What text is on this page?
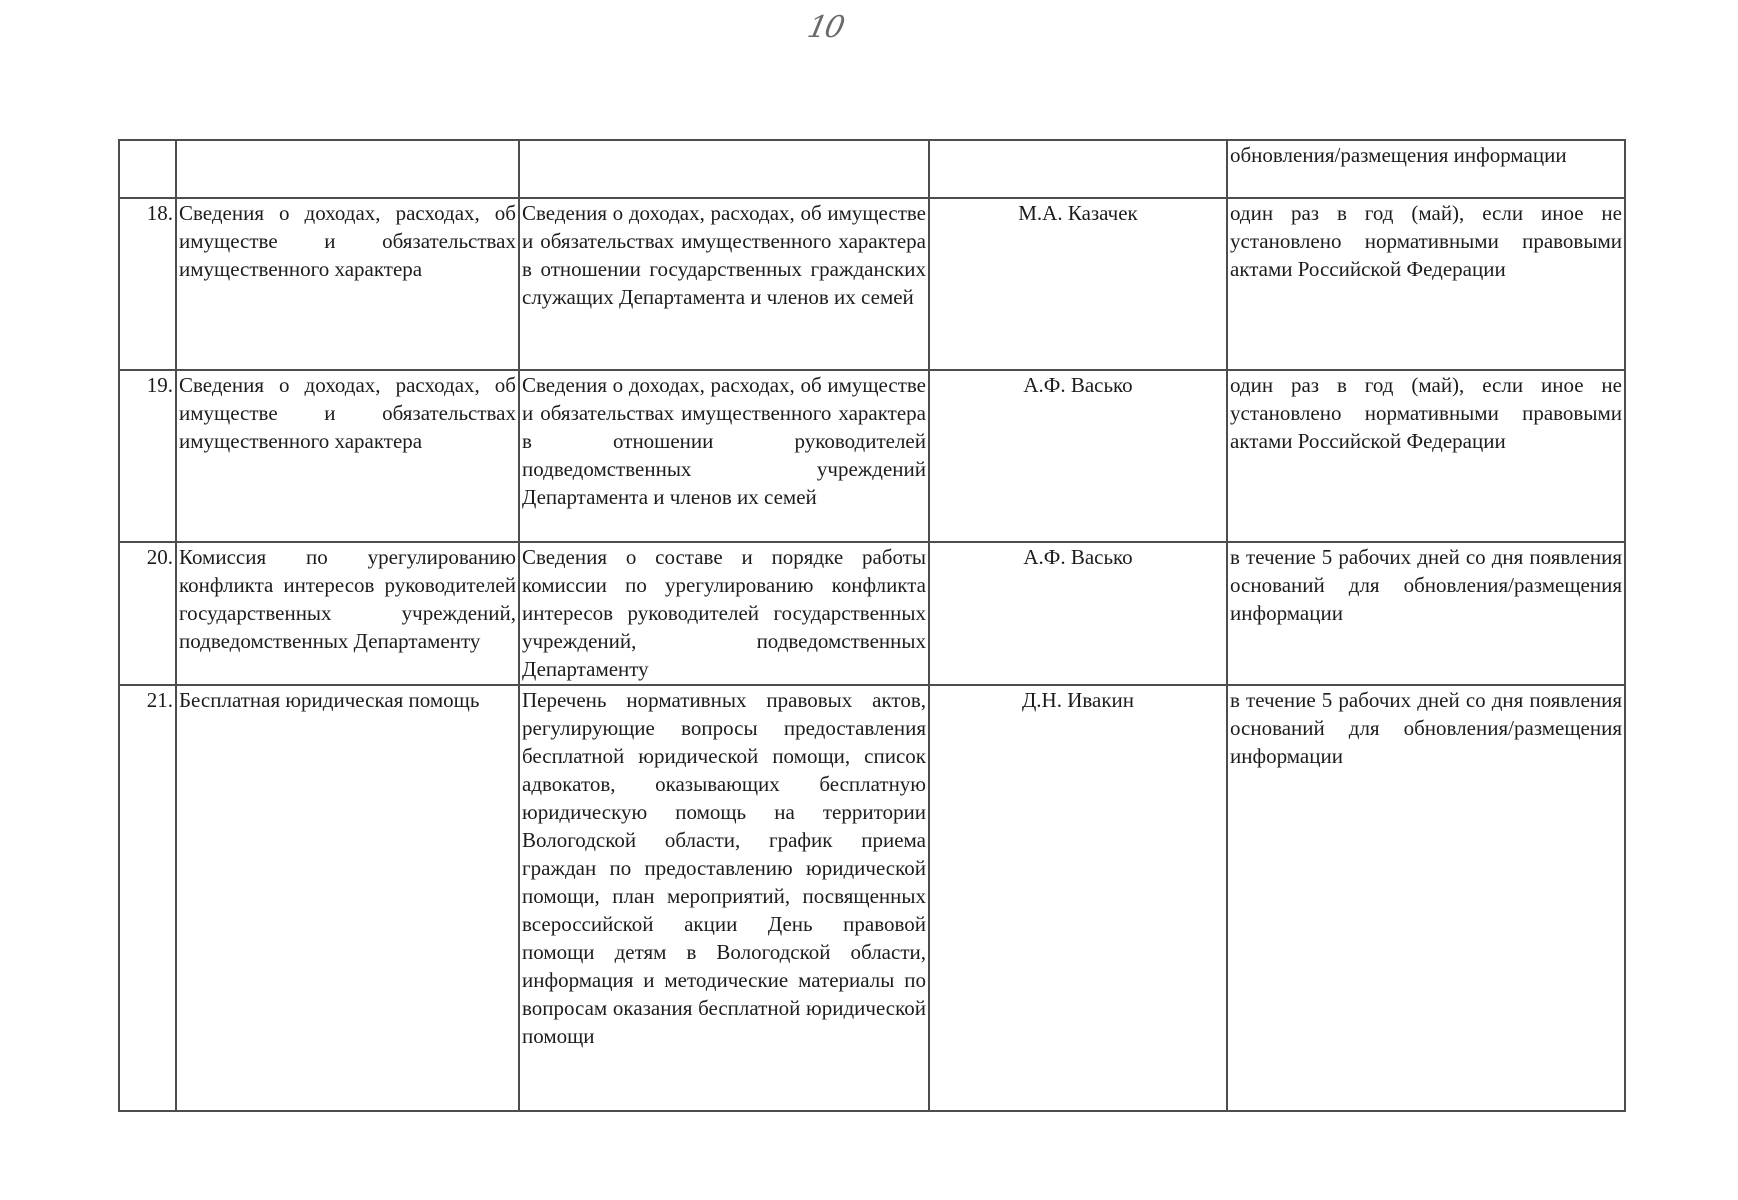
10
				обновления/размещения информации
18.	Сведения о доходах, расходах, об имуществе и обязательствах имущественного характера	Сведения о доходах, расходах, об имуществе и обязательствах имущественного характера в отношении государственных гражданских служащих Департамента и членов их семей	М.А. Казачек	один раз в год (май), если иное не установлено нормативными правовыми актами Российской Федерации
19.	Сведения о доходах, расходах, об имуществе и обязательствах имущественного характера	Сведения о доходах, расходах, об имуществе и обязательствах имущественного характера в отношении руководителей подведомственных учреждений Департамента и членов их семей	А.Ф. Васько	один раз в год (май), если иное не установлено нормативными правовыми актами Российской Федерации
20.	Комиссия по урегулированию конфликта интересов руководителей государственных учреждений, подведомственных Департаменту	Сведения о составе и порядке работы комиссии по урегулированию конфликта интересов руководителей государственных учреждений, подведомственных Департаменту	А.Ф. Васько	в течение 5 рабочих дней со дня появления оснований для обновления/размещения информации
21.	Бесплатная юридическая помощь	Перечень нормативных правовых актов, регулирующие вопросы предоставления бесплатной юридической помощи, список адвокатов, оказывающих бесплатную юридическую помощь на территории Вологодской области, график приема граждан по предоставлению юридической помощи, план мероприятий, посвященных всероссийской акции День правовой помощи детям в Вологодской области, информация и методические материалы по вопросам оказания бесплатной юридической помощи	Д.Н. Ивакин	в течение 5 рабочих дней со дня появления оснований для обновления/размещения информации
